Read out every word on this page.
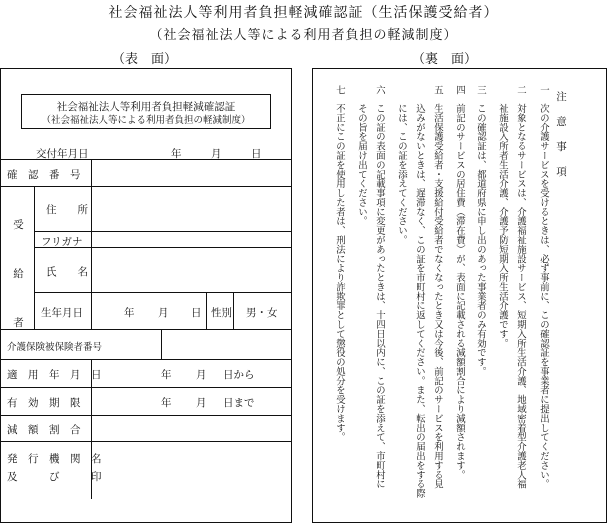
社会福祉法人等利用者負担軽減確認証（生活保護受給者）
（社会福祉法人等による利用者負担の軽減制度）
（表　面）	（裏　面）
社会福祉法人等利用者負担軽減確認証
（社会福祉法人等による利用者負担の軽減制度）
交付年月日	年	月	日
確　認　番　号
受　給　者
住　　所
フリガナ
氏　　名
生年月日	年 月 日 性別 男・女
介護保険被保険者番号
適　用　年　月　日	年 月 日から
有　効　期　限	年 月 日まで
減　額　割　合
発　行　機　関　名
及　　　び　　　印
注　意　事　項
一　次の介護サービスを受けるときは、必ず事前に、この確認証を事業者に提出してください。
二　対象となるサービスは、介護福祉施設サービス、短期入所生活介護、地域密着型介護老人福
　　祉施設入所者生活介護、介護予防短期入所生活介護です。
三　この確認証は、都道府県に申し出のあった事業者のみ有効です。
四　前記のサービスの居住費（滞在費）が、表面に記載される減額割合により減額されます。
五　生活保護受給者・支援給付受給者でなくなったとき又は今後、前記のサービスを利用する見
　　込みがないときは、遅滞なく、この証を市町村に返してください。また、転出の届出をする際
　　には、この証を添えてください。
六　この証の表面の記載事項に変更があったときは、十四日以内に、この証を添えて、市町村に
　　その旨を届け出てください。
七　不正にこの証を使用した者は、刑法により詐欺罪として懲役の処分を受けます。
